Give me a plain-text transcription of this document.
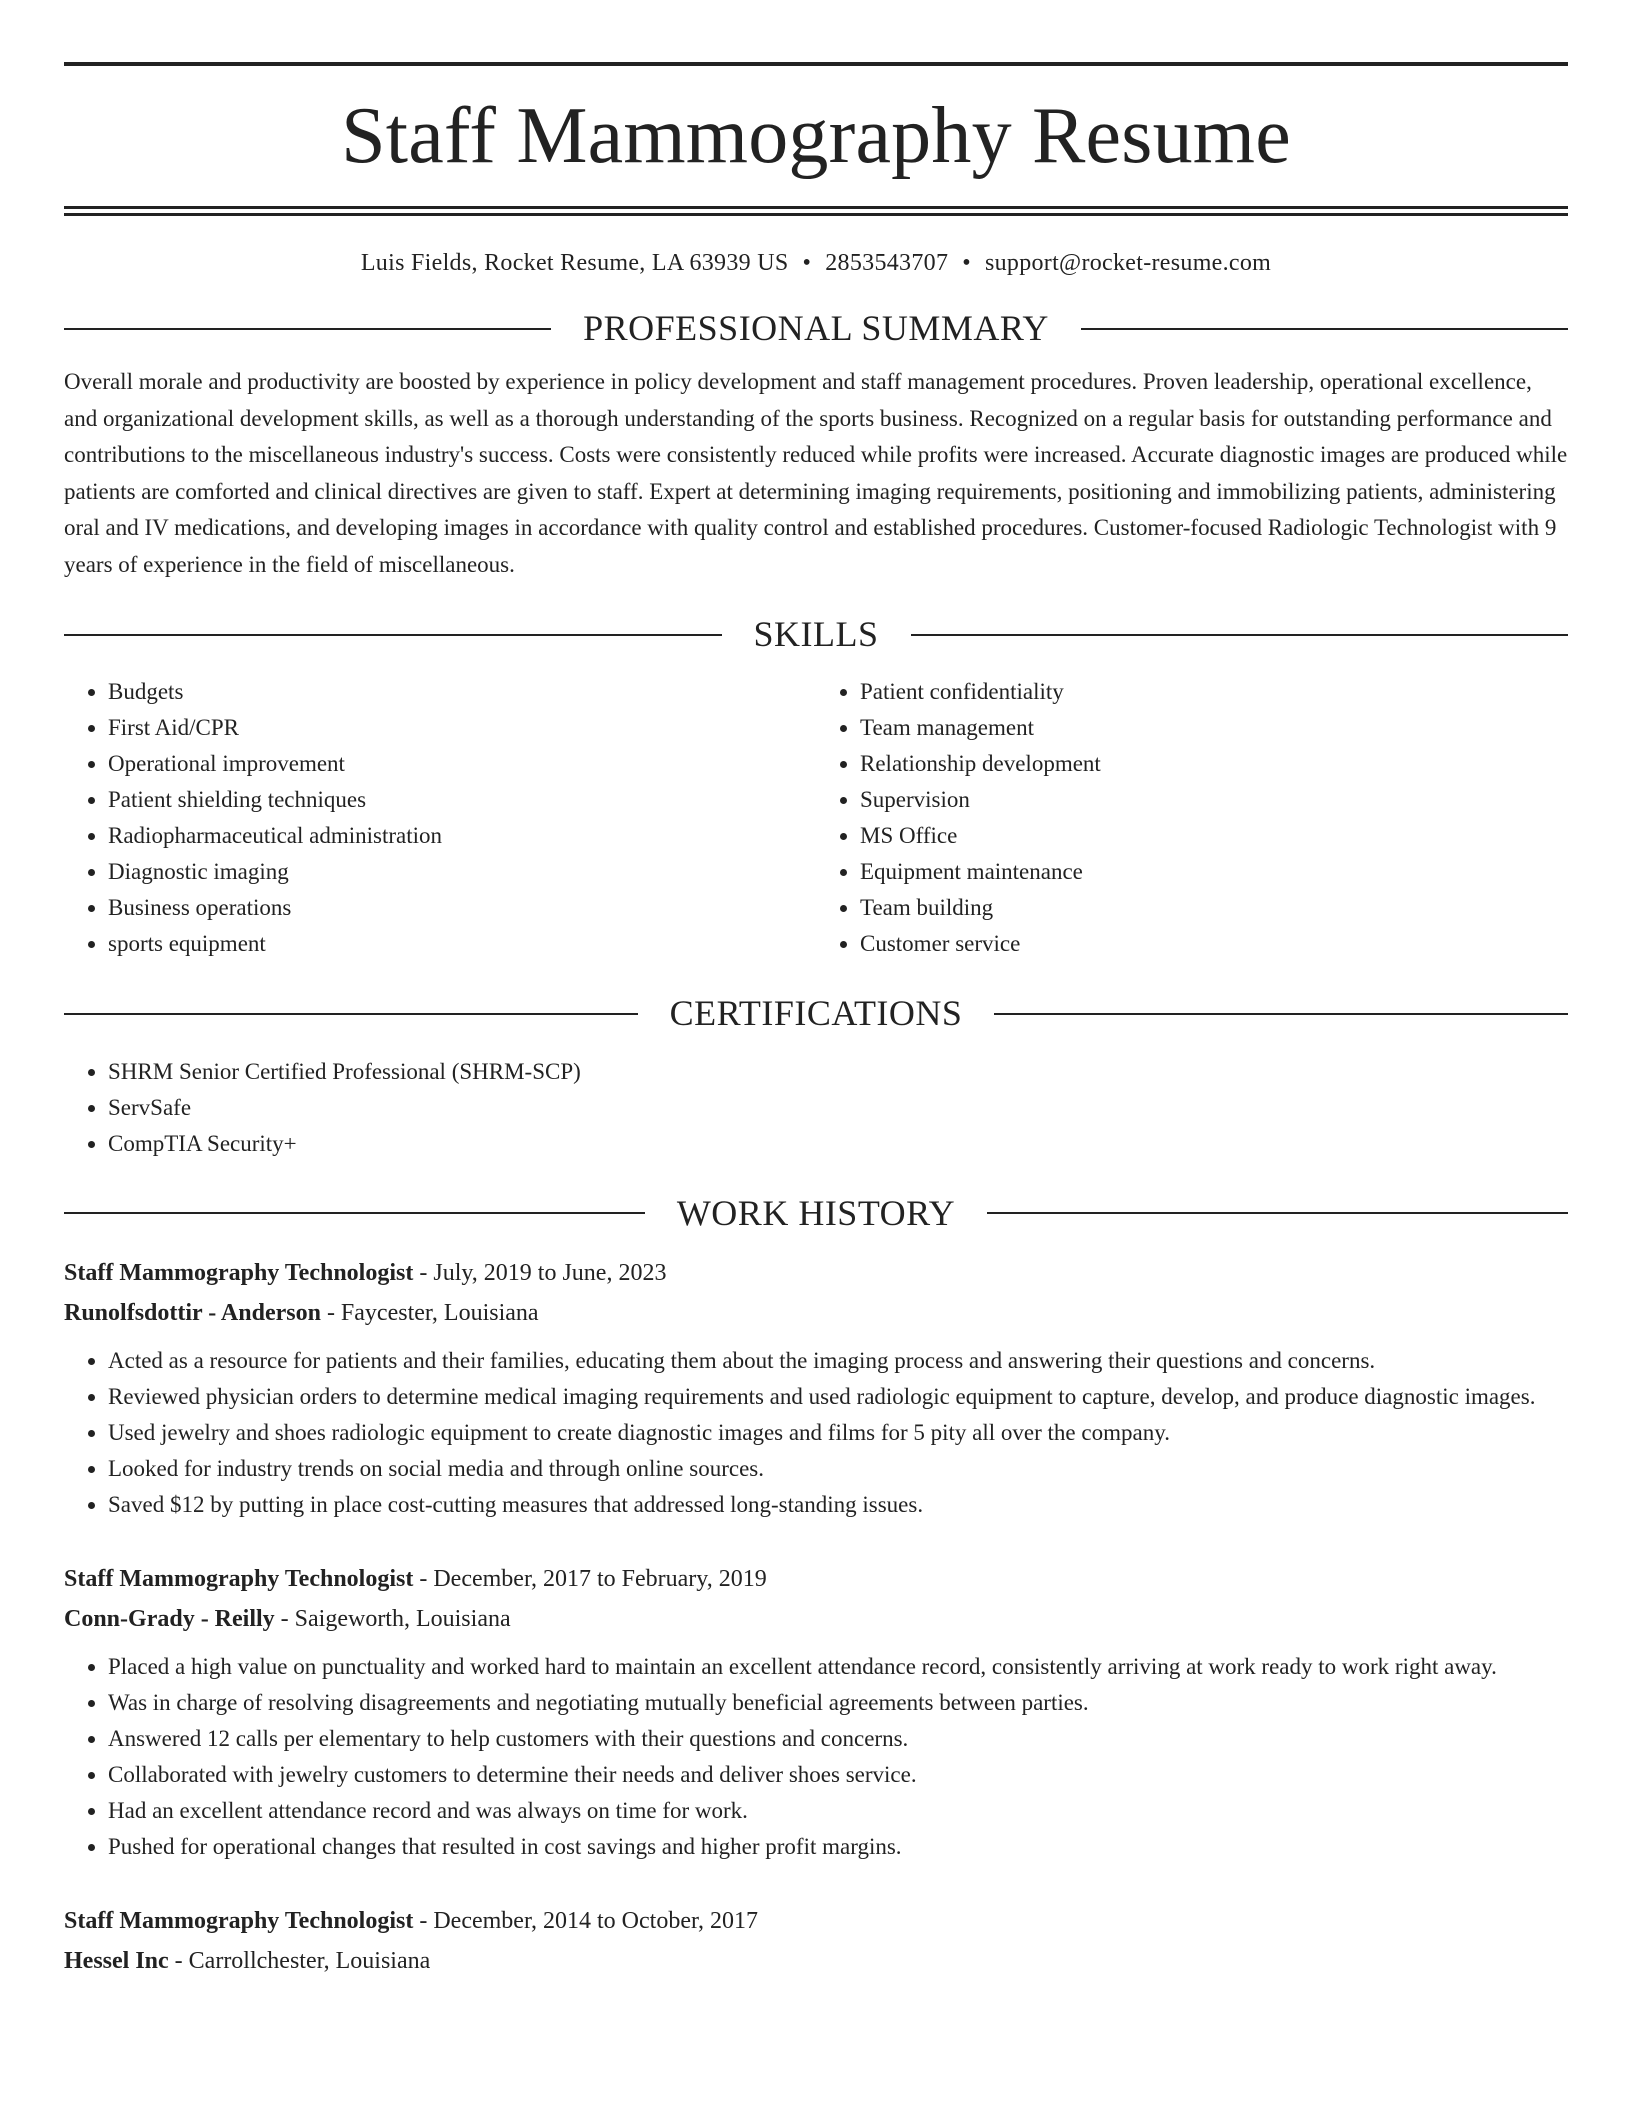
Staff Mammography Resume
Luis Fields, Rocket Resume, LA 63939 US • 2853543707 • support@rocket-resume.com
PROFESSIONAL SUMMARY

Overall morale and productivity are boosted by experience in policy development and staff management procedures. Proven leadership, operational excellence, and organizational development skills, as well as a thorough understanding of the sports business. Recognized on a regular basis for outstanding performance and contributions to the miscellaneous industry's success. Costs were consistently reduced while profits were increased. Accurate diagnostic images are produced while patients are comforted and clinical directives are given to staff. Expert at determining imaging requirements, positioning and immobilizing patients, administering oral and IV medications, and developing images in accordance with quality control and established procedures. Customer-focused Radiologic Technologist with 9 years of experience in the field of miscellaneous.

SKILLS
• Budgets
• First Aid/CPR
• Operational improvement
• Patient shielding techniques
• Radiopharmaceutical administration
• Diagnostic imaging
• Business operations
• sports equipment
• Patient confidentiality
• Team management
• Relationship development
• Supervision
• MS Office
• Equipment maintenance
• Team building
• Customer service
CERTIFICATIONS
• SHRM Senior Certified Professional (SHRM-SCP)
• ServSafe
• CompTIA Security+
WORK HISTORY
Staff Mammography Technologist - July, 2019 to June, 2023
Runolfsdottir - Anderson - Faycester, Louisiana
• Acted as a resource for patients and their families, educating them about the imaging process and answering their questions and concerns.
• Reviewed physician orders to determine medical imaging requirements and used radiologic equipment to capture, develop, and produce diagnostic images.
• Used jewelry and shoes radiologic equipment to create diagnostic images and films for 5 pity all over the company.
• Looked for industry trends on social media and through online sources.
• Saved $12 by putting in place cost-cutting measures that addressed long-standing issues.
Staff Mammography Technologist - December, 2017 to February, 2019
Conn-Grady - Reilly - Saigeworth, Louisiana
• Placed a high value on punctuality and worked hard to maintain an excellent attendance record, consistently arriving at work ready to work right away.
• Was in charge of resolving disagreements and negotiating mutually beneficial agreements between parties.
• Answered 12 calls per elementary to help customers with their questions and concerns.
• Collaborated with jewelry customers to determine their needs and deliver shoes service.
• Had an excellent attendance record and was always on time for work.
• Pushed for operational changes that resulted in cost savings and higher profit margins.
Staff Mammography Technologist - December, 2014 to October, 2017
Hessel Inc - Carrollchester, Louisiana
